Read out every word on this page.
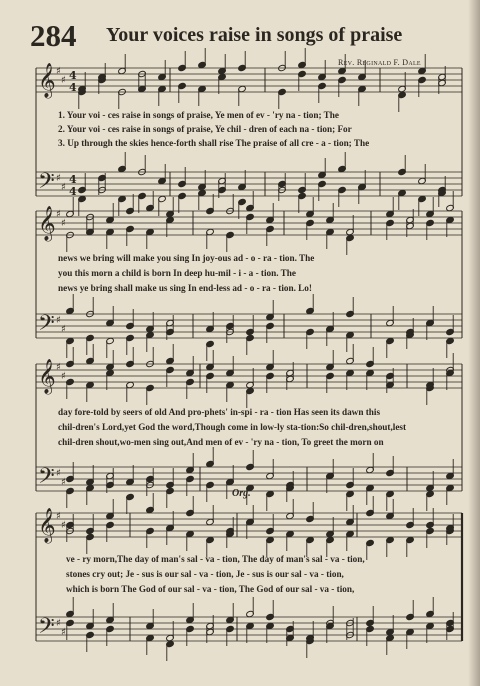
284 Your voices raise in songs of praise
Rev. Reginald F. Dale
𝄞 ♯
♯ 4
4
𝄢 ♯
♯
4
4
𝄞 ♯
♯
𝄢 ♯
♯
𝄞 ♯
♯
𝄢 ♯
♯
𝄞 ♯
♯
𝄢 ♯
♯
1. Your voi - ces raise in songs of praise, Ye men of ev - 'ry na - tion; The
2. Your voi - ces raise in songs of praise, Ye chil - dren of each na - tion; For
3. Up through the skies hence-forth shall rise The praise of all cre - a - tion; The
news we bring will make you sing In joy-ous ad - o - ra - tion. The
you this morn a child is born In deep hu-mil - i - a - tion. The
news ye bring shall make us sing In end-less ad - o - ra - tion. Lo!
day fore-told by seers of old And pro-phets' in-spi - ra - tion Has seen its dawn this
chil-dren's Lord,yet God the word,Though come in low-ly sta-tion:So chil-dren,shout,lest
chil-dren shout,wo-men sing out,And men of ev - 'ry na - tion, To greet the morn on
Org.
ve - ry morn,The day of man's sal - va - tion, The day of man's sal - va - tion,
stones cry out; Je - sus is our sal - va - tion, Je - sus is our sal - va - tion,
which is born The God of our sal - va - tion, The God of our sal - va - tion,
